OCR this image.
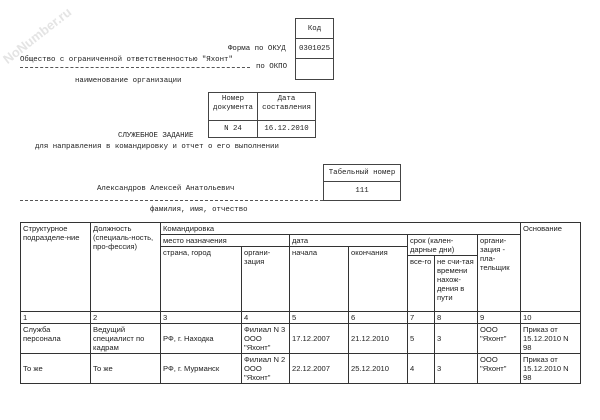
NoNumber.ru	Код
0301025
Форма по ОКУД
Общество с ограниченной ответственностью "Яхонт"
по ОКПО
наименование организации
Номер документа
Дата составления
N 24	16.12.2010
СЛУЖЕБНОЕ ЗАДАНИЕ
для направления в командировку и отчет о его выполнении
Табельный номер
111
Александров Алексей Анатольевич
фамилия, имя, отчество
Структурное подразделе-ние	Должность (специаль-ность, про-фессия)	Командировка							Основание
		место назначения		дата		срок (кален-дарные дни)		органи-зация - пла-тельщик	
		страна, город	органи-зация	начала	окончания				
						все-го	не счи-тая времени нахож-дения в пути		
1	2	3	4	5	6	7	8	9	10
Служба персонала	Ведущий специалист по кадрам	РФ, г. Находка	Филиал N 3 ООО "Яхонт"	17.12.2007	21.12.2010	5	3	ООО "Яхонт"	Приказ от 15.12.2010 N 98
То же	То же	РФ, г. Мурманск	Филиал N 2 ООО "Яхонт"	22.12.2007	25.12.2010	4	3	ООО "Яхонт"	Приказ от 15.12.2010 N 98
